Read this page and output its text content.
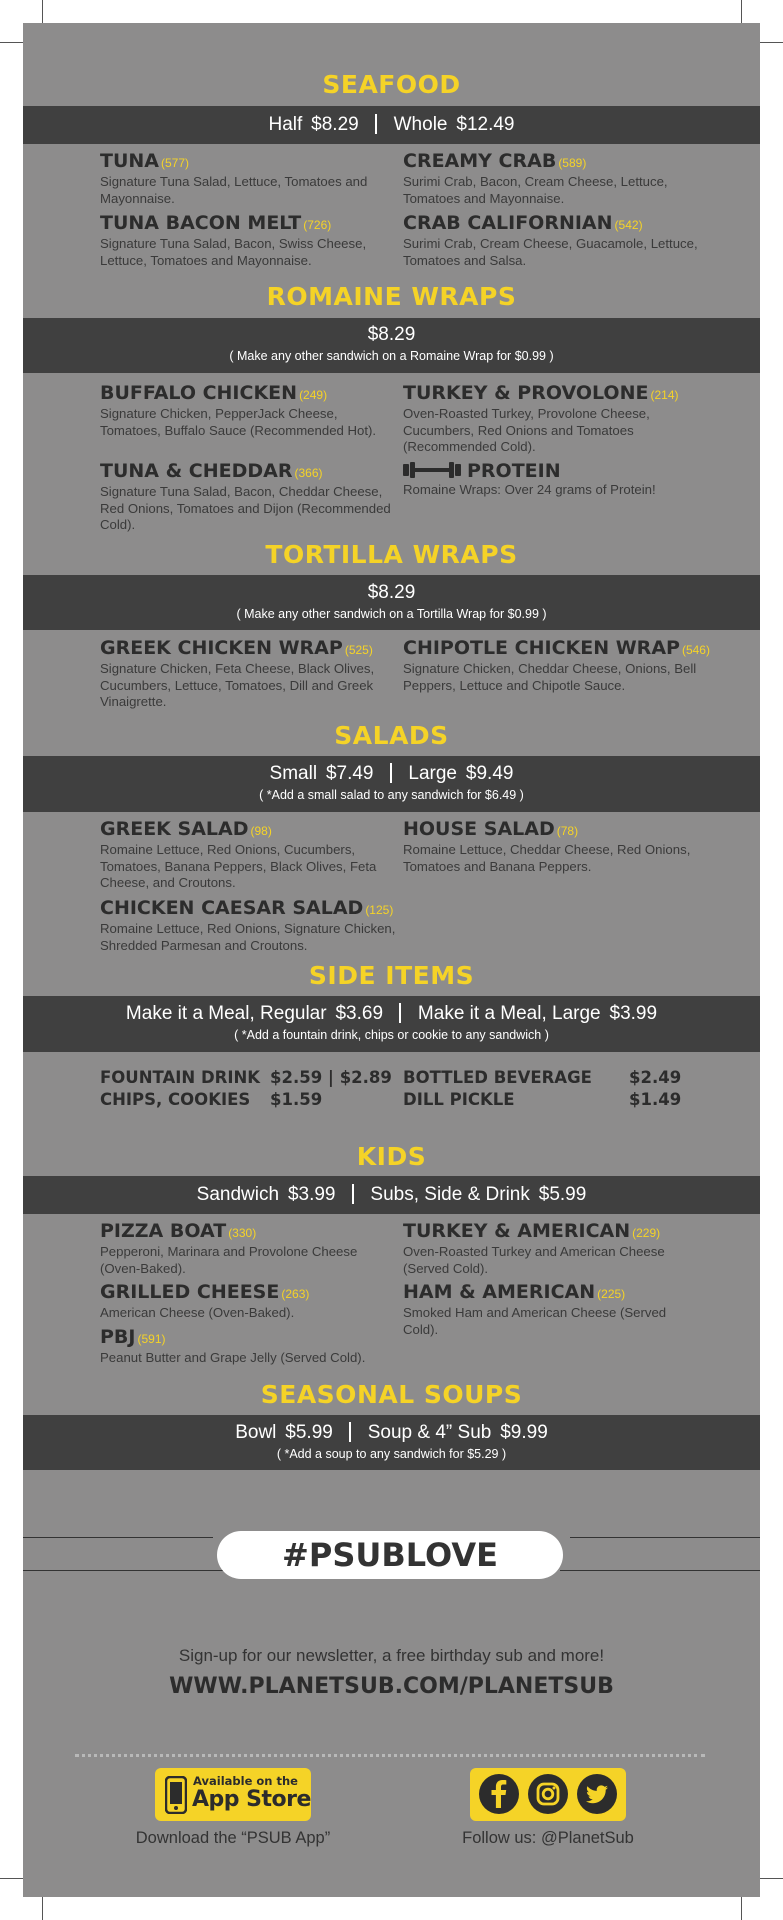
SEAFOOD
Half $8.29 Whole $12.49
TUNA (577)
Signature Tuna Salad, Lettuce, Tomatoes and Mayonnaise.
CREAMY CRAB (589)
Surimi Crab, Bacon, Cream Cheese, Lettuce, Tomatoes and Mayonnaise.
TUNA BACON MELT (726)
Signature Tuna Salad, Bacon, Swiss Cheese, Lettuce, Tomatoes and Mayonnaise.
CRAB CALIFORNIAN (542)
Surimi Crab, Cream Cheese, Guacamole, Lettuce, Tomatoes and Salsa.
ROMAINE WRAPS
$8.29
( Make any other sandwich on a Romaine Wrap for $0.99 )
BUFFALO CHICKEN (249)
Signature Chicken, PepperJack Cheese, Tomatoes, Buffalo Sauce (Recommended Hot).
TURKEY & PROVOLONE (214)
Oven-Roasted Turkey, Provolone Cheese, Cucumbers, Red Onions and Tomatoes (Recommended Cold).
TUNA & CHEDDAR (366)
Signature Tuna Salad, Bacon, Cheddar Cheese, Red Onions, Tomatoes and Dijon (Recommended Cold).
PROTEIN
Romaine Wraps: Over 24 grams of Protein!
TORTILLA WRAPS
$8.29
( Make any other sandwich on a Tortilla Wrap for $0.99 )
GREEK CHICKEN WRAP (525)
Signature Chicken, Feta Cheese, Black Olives, Cucumbers, Lettuce, Tomatoes, Dill and Greek Vinaigrette.
CHIPOTLE CHICKEN WRAP (546)
Signature Chicken, Cheddar Cheese, Onions, Bell Peppers, Lettuce and Chipotle Sauce.
SALADS
Small $7.49 Large $9.49
( *Add a small salad to any sandwich for $6.49 )
GREEK SALAD (98)
Romaine Lettuce, Red Onions, Cucumbers, Tomatoes, Banana Peppers, Black Olives, Feta Cheese, and Croutons.
HOUSE SALAD (78)
Romaine Lettuce, Cheddar Cheese, Red Onions, Tomatoes and Banana Peppers.
CHICKEN CAESAR SALAD (125)
Romaine Lettuce, Red Onions, Signature Chicken, Shredded Parmesan and Croutons.
SIDE ITEMS
Make it a Meal, Regular $3.69 Make it a Meal, Large $3.99
( *Add a fountain drink, chips or cookie to any sandwich )
FOUNTAIN DRINK $2.59 | $2.89 BOTTLED BEVERAGE $2.49
CHIPS, COOKIES $1.59	DILL PICKLE	$1.49
KIDS
Sandwich $3.99 Subs, Side & Drink $5.99
PIZZA BOAT (330)
Pepperoni, Marinara and Provolone Cheese (Oven-Baked).
TURKEY & AMERICAN (229)
Oven-Roasted Turkey and American Cheese (Served Cold).
GRILLED CHEESE (263)
American Cheese (Oven-Baked).
HAM & AMERICAN (225)
Smoked Ham and American Cheese (Served Cold).
PBJ (591)
Peanut Butter and Grape Jelly (Served Cold).
SEASONAL SOUPS
Bowl $5.99 Soup & 4” Sub $9.99
( *Add a soup to any sandwich for $5.29 )
#PSUBLOVE
Sign-up for our newsletter, a free birthday sub and more!
WWW.PLANETSUB.COM/PLANETSUB
Available on the
App Store
Download the “PSUB App”	Follow us: @PlanetSub
